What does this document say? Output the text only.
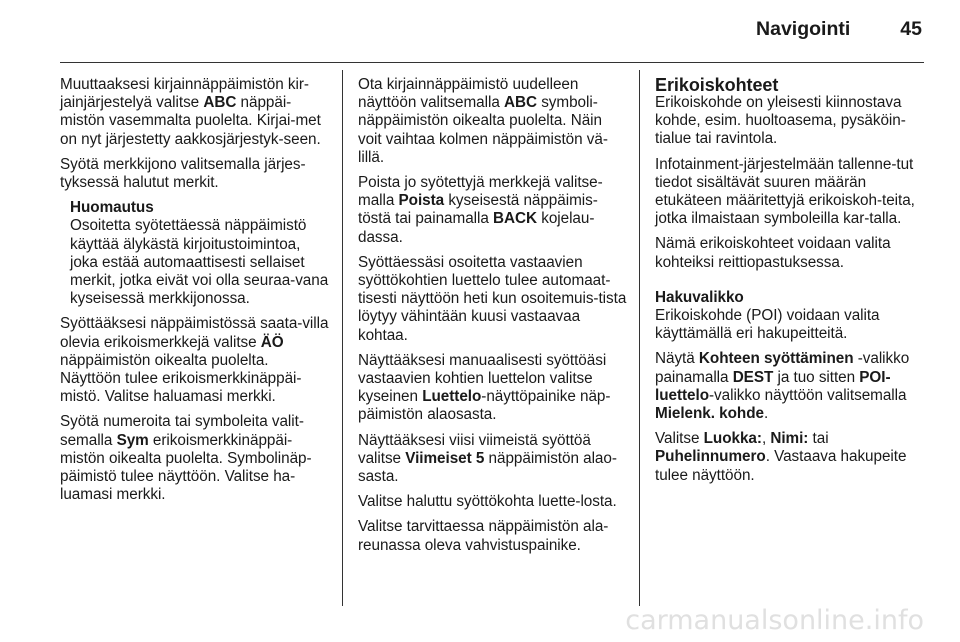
Navigointi	45

Muuttaaksesi kirjainnäppäimistön kir-jainjärjestelyä valitse ABC näppäi-mistön vasemmalta puolelta. Kirjai-met on nyt järjestetty aakkosjärjestyk-seen.

Syötä merkkijono valitsemalla järjes-tyksessä halutut merkit.

Huomautus
Osoitetta syötettäessä näppäimistö käyttää älykästä kirjoitustoimintoa, joka estää automaattisesti sellaiset merkit, jotka eivät voi olla seuraa-vana kyseisessä merkkijonossa.

Syöttääksesi näppäimistössä saata-villa olevia erikoismerkkejä valitse ÄÖ näppäimistön oikealta puolelta. Näyttöön tulee erikoismerkkinäppäi-mistö. Valitse haluamasi merkki.

Syötä numeroita tai symboleita valit-semalla Sym erikoismerkkinäppäi-mistön oikealta puolelta. Symbolinäp-päimistö tulee näyttöön. Valitse ha-luamasi merkki.

Ota kirjainnäppäimistö uudelleen näyttöön valitsemalla ABC symboli-näppäimistön oikealta puolelta. Näin voit vaihtaa kolmen näppäimistön vä-lillä.

Poista jo syötettyjä merkkejä valitse-malla Poista kyseisestä näppäimis-töstä tai painamalla BACK kojelau-dassa.

Syöttäessäsi osoitetta vastaavien syöttökohtien luettelo tulee automaat-tisesti näyttöön heti kun osoitemuis-tista löytyy vähintään kuusi vastaavaa kohtaa.

Näyttääksesi manuaalisesti syöttöäsi vastaavien kohtien luettelon valitse kyseinen Luettelo-näyttöpainike näp-päimistön alaosasta.

Näyttääksesi viisi viimeistä syöttöä valitse Viimeiset 5 näppäimistön alao-sasta.

Valitse haluttu syöttökohta luette-losta.

Valitse tarvittaessa näppäimistön ala-reunassa oleva vahvistuspainike.

Erikoiskohteet

Erikoiskohde on yleisesti kiinnostava kohde, esim. huoltoasema, pysäköin-tialue tai ravintola.

Infotainment-järjestelmään tallenne-tut tiedot sisältävät suuren määrän etukäteen määritettyjä erikoiskoh-teita, jotka ilmaistaan symboleilla kar-talla.

Nämä erikoiskohteet voidaan valita kohteiksi reittiopastuksessa.

Hakuvalikko

Erikoiskohde (POI) voidaan valita käyttämällä eri hakupeitteitä.

Näytä Kohteen syöttäminen -valikko painamalla DEST ja tuo sitten POI-luettelo-valikko näyttöön valitsemalla Mielenk. kohde.

Valitse Luokka:, Nimi: tai Puhelinnumero. Vastaava hakupeite tulee näyttöön.

carmanualsonline.info
